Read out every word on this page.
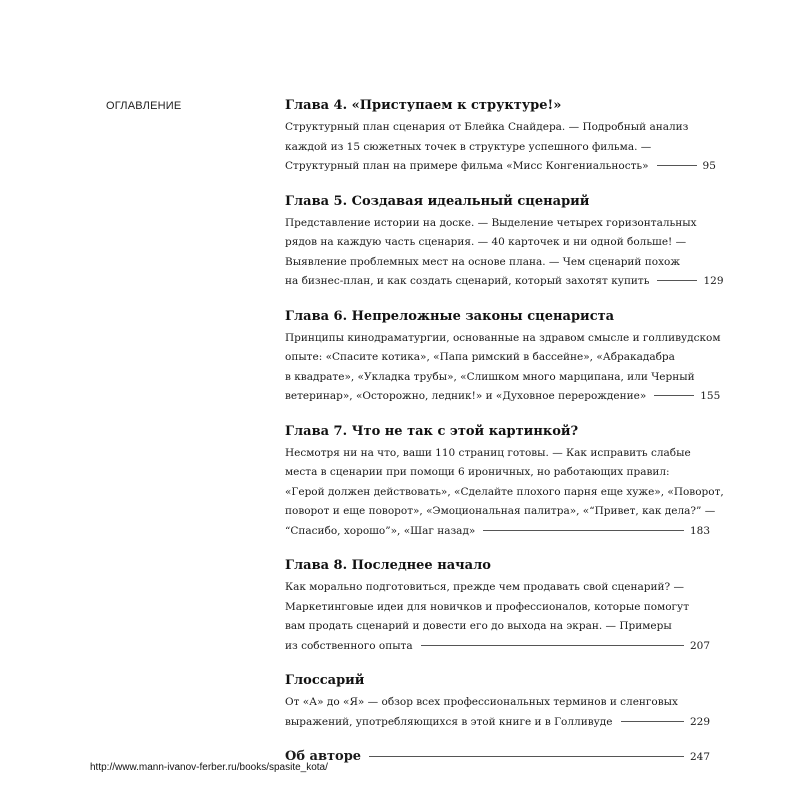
ОГЛАВЛЕНИЕ	Глава 4. «Приступаем к структуре!»
Структурный план сценария от Блейка Снайдера. — Подробный анализ
каждой из 15 сюжетных точек в структуре успешного фильма. —
Структурный план на примере фильма «Мисс Конгениальность»	95
Глава 5. Создавая идеальный сценарий
Представление истории на доске. — Выделение четырех горизонтальных
рядов на каждую часть сценария. — 40 карточек и ни одной больше! —
Выявление проблемных мест на основе плана. — Чем сценарий похож
на бизнес-план, и как создать сценарий, который захотят купить	129
Глава 6. Непреложные законы сценариста
Принципы кинодраматургии, основанные на здравом смысле и голливудском
опыте: «Спасите котика», «Папа римский в бассейне», «Абракадабра
в квадрате», «Укладка трубы», «Слишком много марципана, или Черный
ветеринар», «Осторожно, ледник!» и «Духовное перерождение»	155
Глава 7. Что не так с этой картинкой?
Несмотря ни на что, ваши 110 страниц готовы. — Как исправить слабые
места в сценарии при помощи 6 ироничных, но работающих правил:
«Герой должен действовать», «Сделайте плохого парня еще хуже», «Поворот,
поворот и еще поворот», «Эмоциональная палитра», «“Привет, как дела?” —
“Спасибо, хорошо”», «Шаг назад»	183
Глава 8. Последнее начало
Как морально подготовиться, прежде чем продавать свой сценарий? —
Маркетинговые идеи для новичков и профессионалов, которые помогут
вам продать сценарий и довести его до выхода на экран. — Примеры
из собственного опыта	207
Глоссарий
От «А» до «Я» — обзор всех профессиональных терминов и сленговых
выражений, употребляющихся в этой книге и в Голливуде	229
Об авторе	247
http://www.mann-ivanov-ferber.ru/books/spasite_kota/
